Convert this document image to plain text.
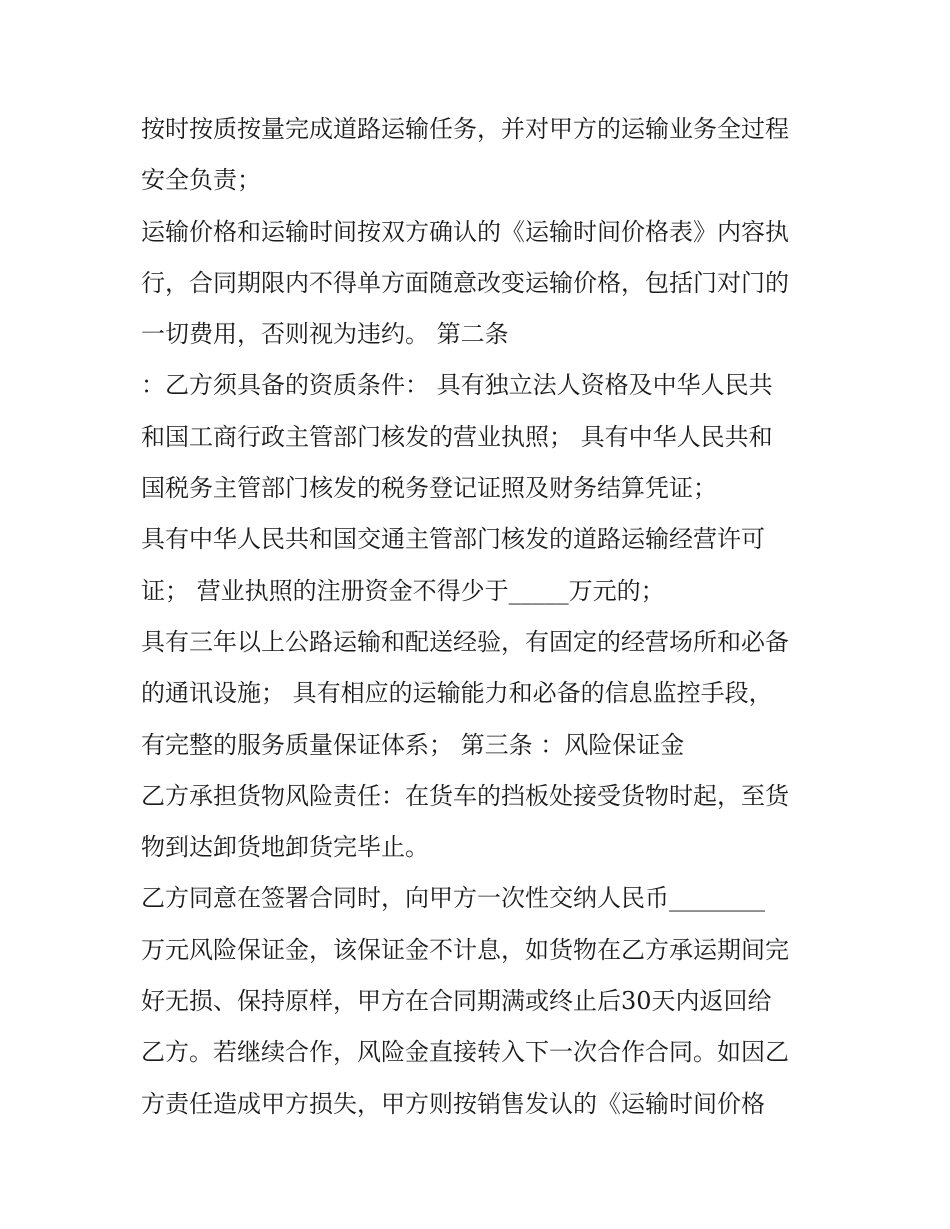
按时按质按量完成道路运输任务，并对甲方的运输业务全过程
安全负责；
运输价格和运输时间按双方确认的《运输时间价格表》内容执
行，合同期限内不得单方面随意改变运输价格，包括门对门的
一切费用，否则视为违约。 第二条
：乙方须具备的资质条件： 具有独立法人资格及中华人民共
和国工商行政主管部门核发的营业执照； 具有中华人民共和
国税务主管部门核发的税务登记证照及财务结算凭证；
具有中华人民共和国交通主管部门核发的道路运输经营许可
证； 营业执照的注册资金不得少于_____万元的；
具有三年以上公路运输和配送经验，有固定的经营场所和必备
的通讯设施； 具有相应的运输能力和必备的信息监控手段，
有完整的服务质量保证体系； 第三条 ：风险保证金
乙方承担货物风险责任：在货车的挡板处接受货物时起，至货
物到达卸货地卸货完毕止。
乙方同意在签署合同时，向甲方一次性交纳人民币________
万元风险保证金，该保证金不计息，如货物在乙方承运期间完
好无损、保持原样，甲方在合同期满或终止后30天内返回给
乙方。若继续合作，风险金直接转入下一次合作合同。如因乙
方责任造成甲方损失，甲方则按销售发认的《运输时间价格
